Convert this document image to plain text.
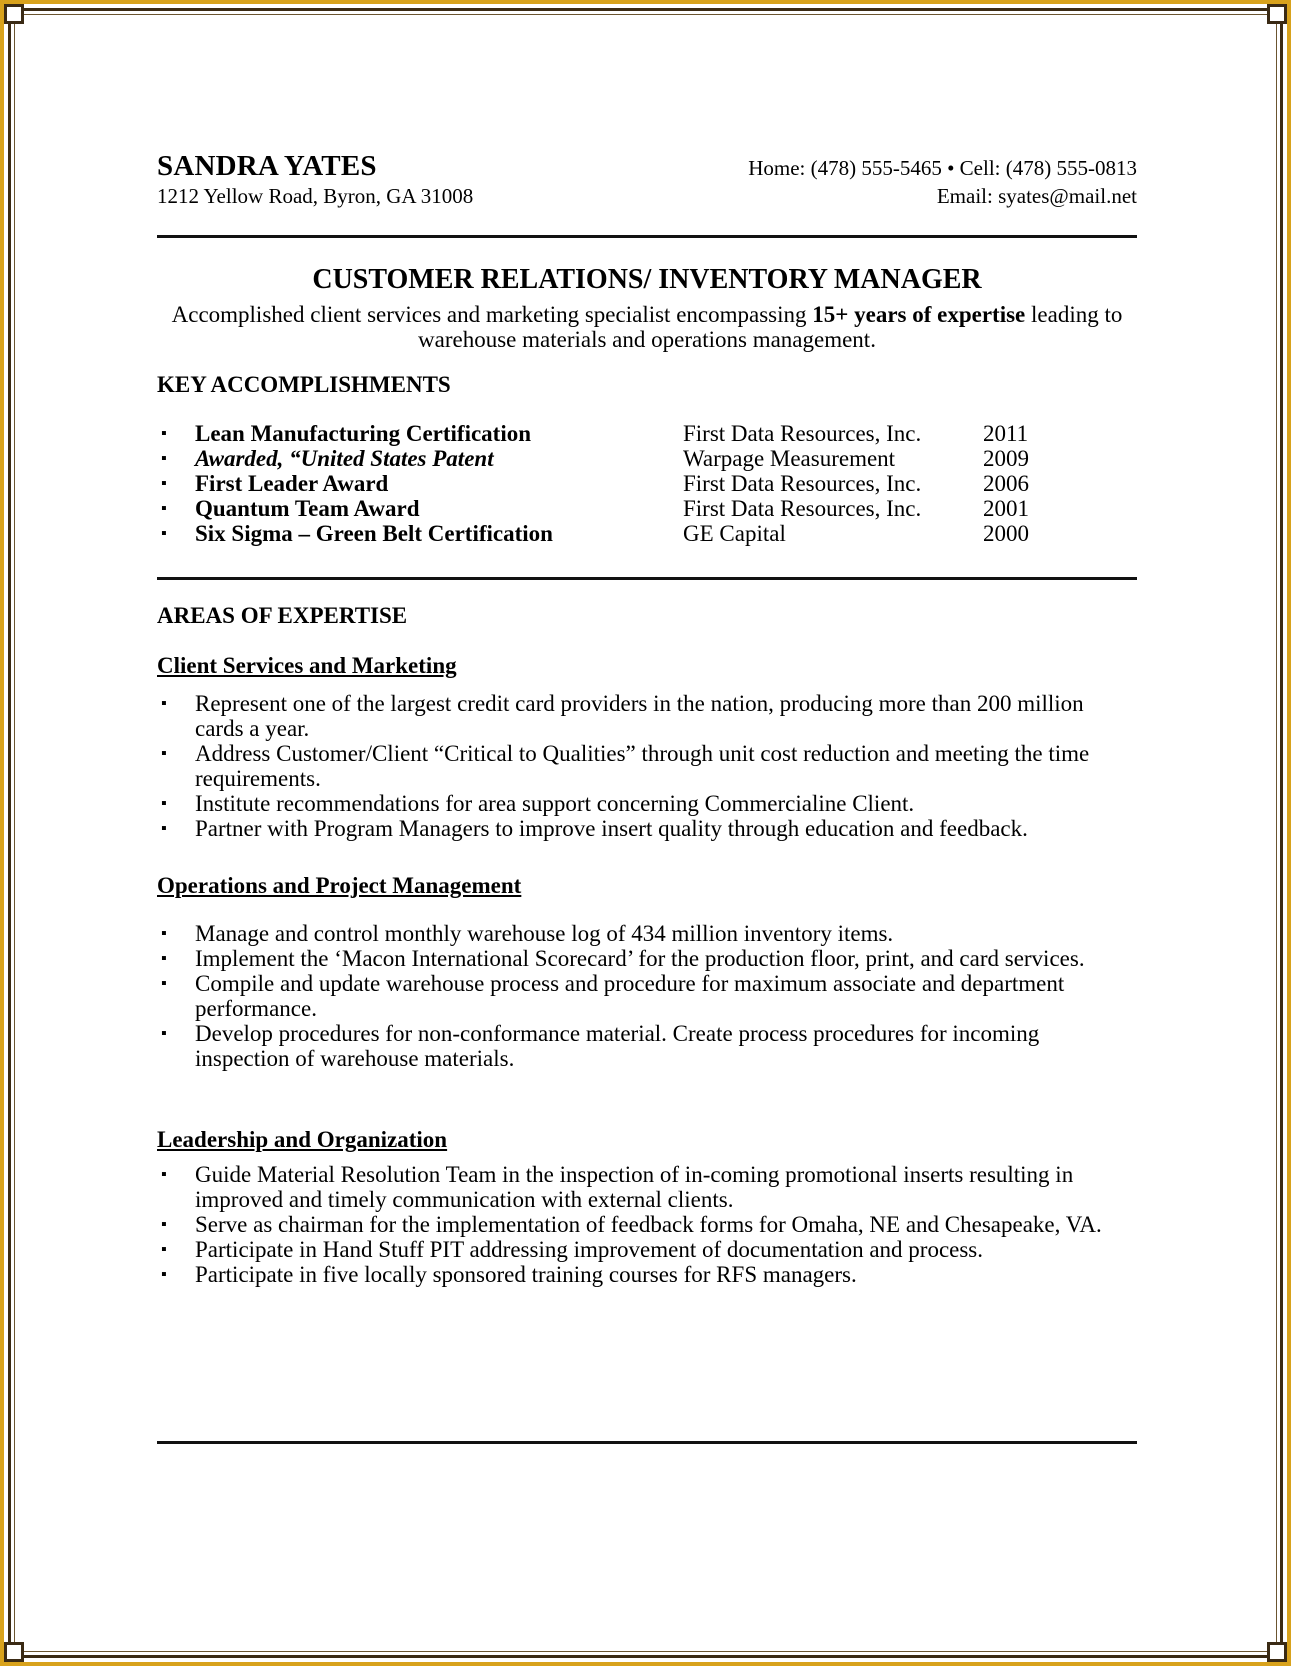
SANDRA YATES
1212 Yellow Road, Byron, GA 31008
Home: (478) 555-5465 • Cell: (478) 555-0813
Email: syates@mail.net
CUSTOMER RELATIONS/ INVENTORY MANAGER
Accomplished client services and marketing specialist encompassing 15+ years of expertise leading to warehouse materials and operations management.
KEY ACCOMPLISHMENTS
▪ Lean Manufacturing Certification	First Data Resources, Inc.	2011
▪ Awarded, “United States Patent	Warpage Measurement	2009
▪ First Leader Award	First Data Resources, Inc.	2006
▪ Quantum Team Award	First Data Resources, Inc.	2001
▪ Six Sigma – Green Belt Certification	GE Capital	2000
AREAS OF EXPERTISE
Client Services and Marketing
▪ Represent one of the largest credit card providers in the nation, producing more than 200 million cards a year.
▪ Address Customer/Client “Critical to Qualities” through unit cost reduction and meeting the time requirements.
▪ Institute recommendations for area support concerning Commercialine Client.
▪ Partner with Program Managers to improve insert quality through education and feedback.
Operations and Project Management
▪ Manage and control monthly warehouse log of 434 million inventory items.
▪ Implement the ‘Macon International Scorecard’ for the production floor, print, and card services.
▪ Compile and update warehouse process and procedure for maximum associate and department performance.
▪ Develop procedures for non-conformance material. Create process procedures for incoming inspection of warehouse materials.
Leadership and Organization
▪ Guide Material Resolution Team in the inspection of in-coming promotional inserts resulting in improved and timely communication with external clients.
▪ Serve as chairman for the implementation of feedback forms for Omaha, NE and Chesapeake, VA.
▪ Participate in Hand Stuff PIT addressing improvement of documentation and process.
▪ Participate in five locally sponsored training courses for RFS managers.
